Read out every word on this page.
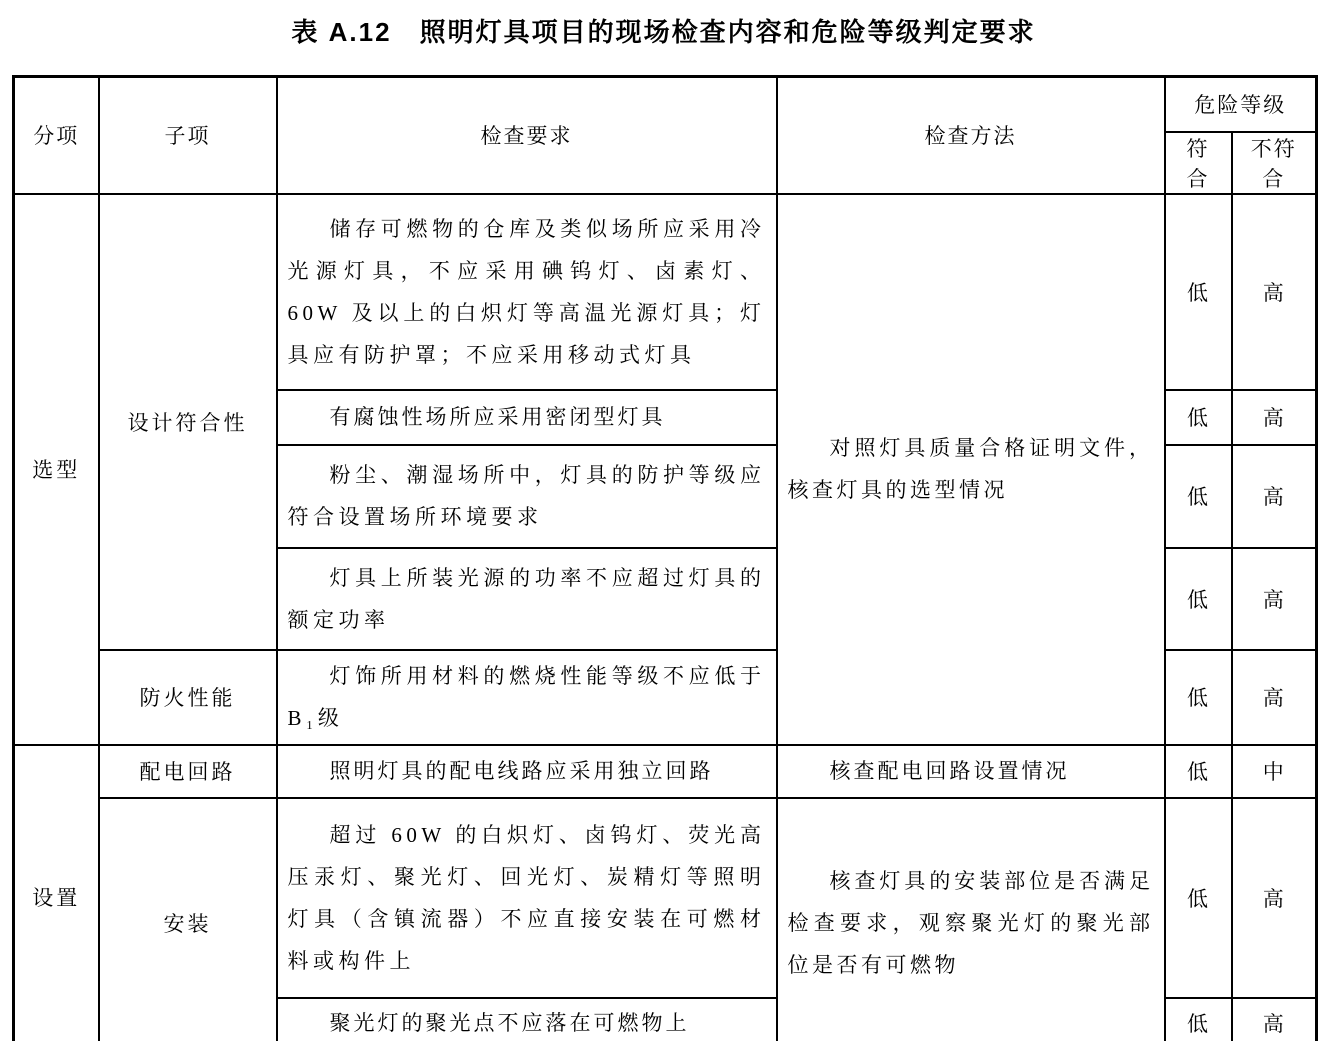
表 A.12　照明灯具项目的现场检查内容和危险等级判定要求
分项	子项	检查要求	检查方法	危险等级	
				符合	不符合
选型	设计符合性	储存可燃物的仓库及类似场所应采用冷光源灯具，不应采用碘钨灯、卤素灯、60W 及以上的白炽灯等高温光源灯具；灯具应有防护罩；不应采用移动式灯具	对照灯具质量合格证明文件，核查灯具的选型情况	低	高

		有腐蚀性场所应采用密闭型灯具		低	高

		粉尘、潮湿场所中，灯具的防护等级应符合设置场所环境要求		低	高

		灯具上所装光源的功率不应超过灯具的额定功率		低	高
	防火性能	灯饰所用材料的燃烧性能等级不应低于B₁级		低	高
设置	配电回路	照明灯具的配电线路应采用独立回路	核查配电回路设置情况	低	中
	安装	超过 60W 的白炽灯、卤钨灯、荧光高压汞灯、聚光灯、回光灯、炭精灯等照明灯具（含镇流器）不应直接安装在可燃材料或构件上	核查灯具的安装部位是否满足检查要求，观察聚光灯的聚光部位是否有可燃物	低	高

		聚光灯的聚光点不应落在可燃物上		低	高
